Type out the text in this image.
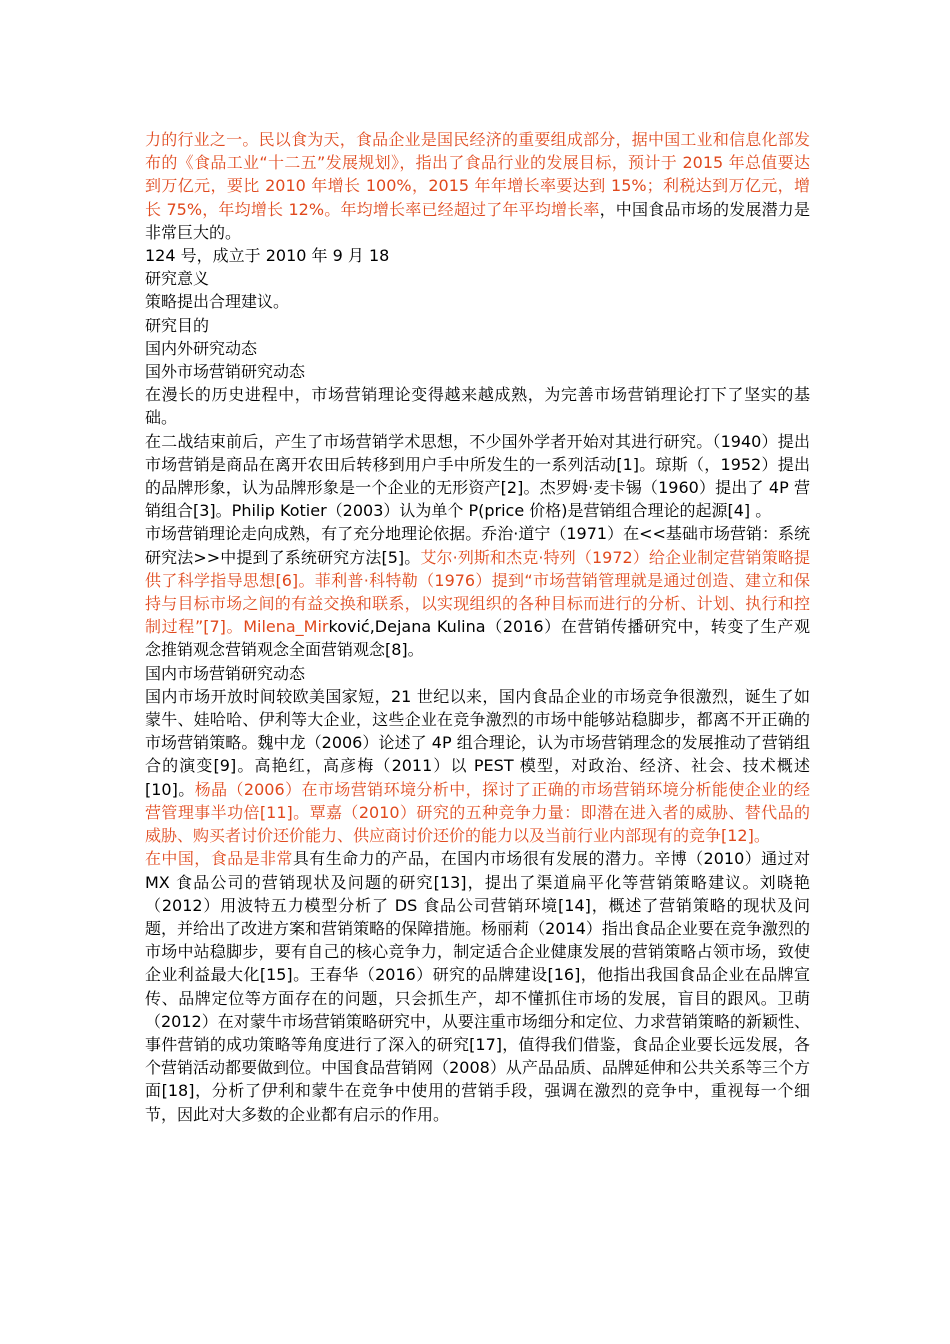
力的行业之一。民以食为天，食品企业是国民经济的重要组成部分，据中国工业和信息化部发布的《食品工业“十二五”发展规划》，指出了食品行业的发展目标，预计于 2015 年总值要达到万亿元，要比 2010 年增长 100%，2015 年年增长率要达到 15%；利税达到万亿元，增长 75%，年均增长 12%。年均增长率已经超过了年平均增长率，中国食品市场的发展潜力是非常巨大的。

124 号，成立于 2010 年 9 月 18

研究意义

策略提出合理建议。

研究目的

国内外研究动态

国外市场营销研究动态

在漫长的历史进程中，市场营销理论变得越来越成熟，为完善市场营销理论打下了坚实的基础。

在二战结束前后，产生了市场营销学术思想，不少国外学者开始对其进行研究。（1940）提出市场营销是商品在离开农田后转移到用户手中所发生的一系列活动[1]。琼斯（，1952）提出的品牌形象，认为品牌形象是一个企业的无形资产[2]。杰罗姆·麦卡锡（1960）提出了 4P 营销组合[3]。Philip Kotier（2003）认为单个 P(price 价格)是营销组合理论的起源[4] 。

市场营销理论走向成熟，有了充分地理论依据。乔治·道宁（1971）在<<基础市场营销：系统研究法>>中提到了系统研究方法[5]。艾尔·列斯和杰克·特列（1972）给企业制定营销策略提供了科学指导思想[6]。菲利普·科特勒（1976）提到“市场营销管理就是通过创造、建立和保持与目标市场之间的有益交换和联系，以实现组织的各种目标而进行的分析、计划、执行和控制过程”[7]。Milena_Mirković,Dejana Kulina（2016）在营销传播研究中，转变了生产观念推销观念营销观念全面营销观念[8]。

国内市场营销研究动态

国内市场开放时间较欧美国家短，21 世纪以来，国内食品企业的市场竞争很激烈，诞生了如蒙牛、娃哈哈、伊利等大企业，这些企业在竞争激烈的市场中能够站稳脚步，都离不开正确的市场营销策略。魏中龙（2006）论述了 4P 组合理论，认为市场营销理念的发展推动了营销组合的演变[9]。高艳红，高彦梅（2011）以 PEST 模型，对政治、经济、社会、技术概述[10]。杨晶（2006）在市场营销环境分析中，探讨了正确的市场营销环境分析能使企业的经营管理事半功倍[11]。覃嘉（2010）研究的五种竞争力量：即潜在进入者的威胁、替代品的威胁、购买者讨价还价能力、供应商讨价还价的能力以及当前行业内部现有的竞争[12]。

在中国，食品是非常具有生命力的产品，在国内市场很有发展的潜力。辛博（2010）通过对 MX 食品公司的营销现状及问题的研究[13]，提出了渠道扁平化等营销策略建议。刘晓艳（2012）用波特五力模型分析了 DS 食品公司营销环境[14]，概述了营销策略的现状及问题，并给出了改进方案和营销策略的保障措施。杨丽莉（2014）指出食品企业要在竞争激烈的市场中站稳脚步，要有自己的核心竞争力，制定适合企业健康发展的营销策略占领市场，致使企业利益最大化[15]。王春华（2016）研究的品牌建设[16]，他指出我国食品企业在品牌宣传、品牌定位等方面存在的问题，只会抓生产，却不懂抓住市场的发展，盲目的跟风。卫萌（2012）在对蒙牛市场营销策略研究中，从要注重市场细分和定位、力求营销策略的新颖性、事件营销的成功策略等角度进行了深入的研究[17]，值得我们借鉴，食品企业要长远发展，各个营销活动都要做到位。中国食品营销网（2008）从产品品质、品牌延伸和公共关系等三个方面[18]，分析了伊利和蒙牛在竞争中使用的营销手段，强调在激烈的竞争中，重视每一个细节，因此对大多数的企业都有启示的作用。
